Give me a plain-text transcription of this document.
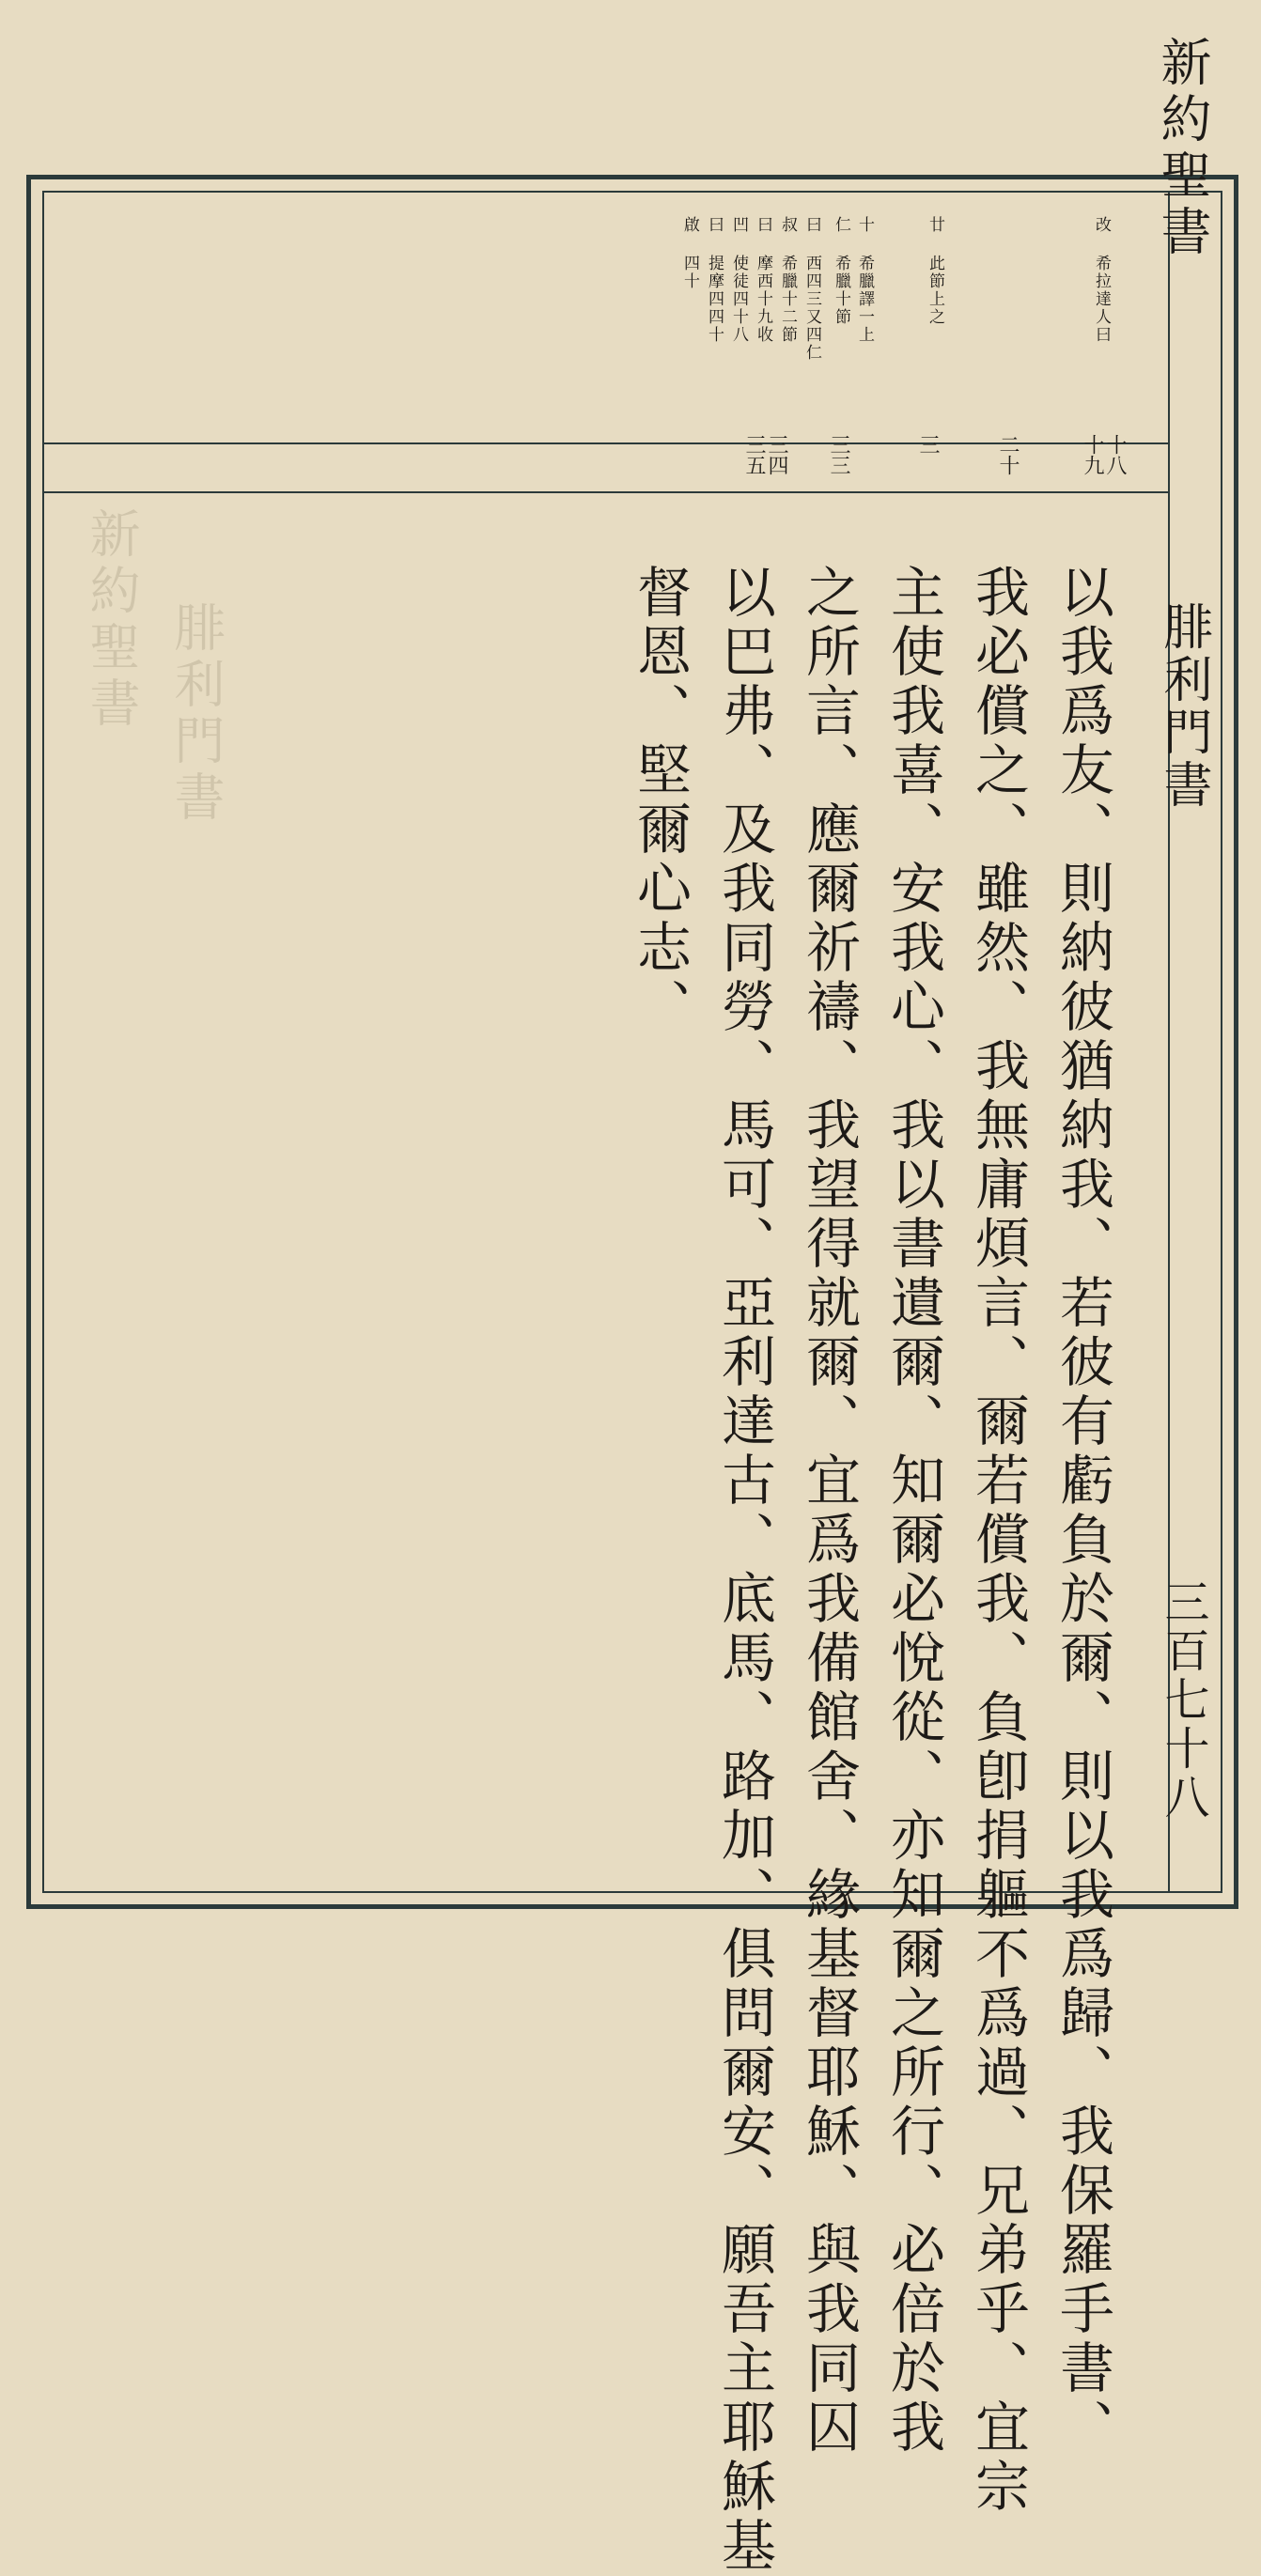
新約聖書 腓利門書
新約聖書
腓利門書
三百七十八
改 希拉達人曰
廿 此節上之
十 希臘譯一上
仁 希臘十節
曰 西四三又四仁
叔 希臘十二節
曰 摩西十九收
凹 使徒四十八
曰 提摩四四十
啟 四十
十八
十九
二十
三
三三
三四
三五
以我爲友、則納彼猶納我、若彼有虧負於爾、則以我爲歸、我保羅手書、
我必償之、雖然、我無庸煩言、爾若償我、負卽捐軀不爲過、兄弟乎、宜宗
主使我喜、安我心、我以書遺爾、知爾必悅從、亦知爾之所行、必倍於我
之所言、應爾祈禱、我望得就爾、宜爲我備館舍、緣基督耶穌、與我同囚
以巴弗、及我同勞、馬可、亞利達古、底馬、路加、俱問爾安、願吾主耶穌基
督恩、堅爾心志、
